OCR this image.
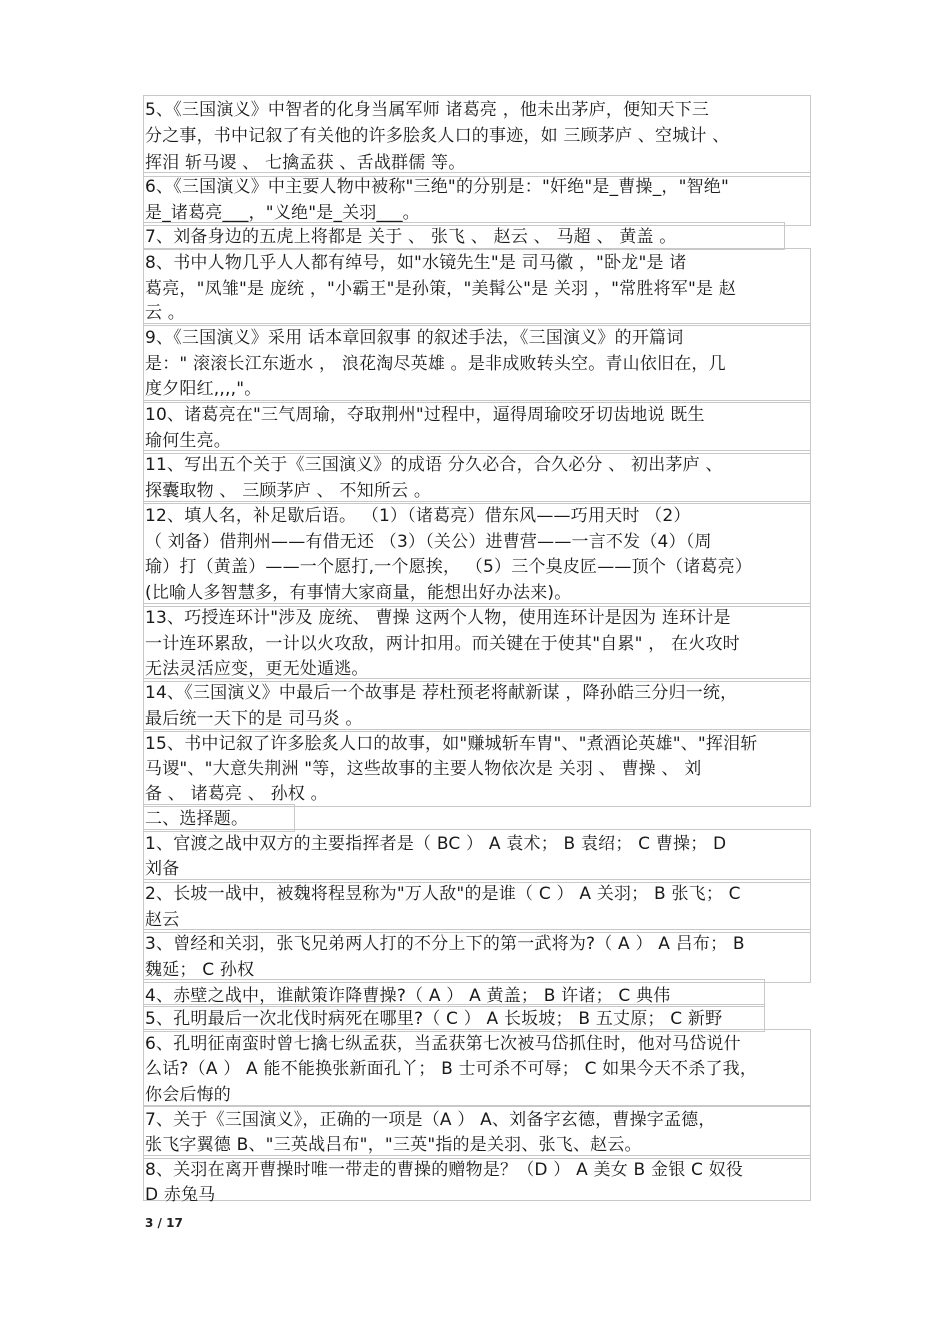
5、《三国演义》中智者的化身当属军师 诸葛亮 ，他未出茅庐，便知天下三
分之事，书中记叙了有关他的许多脍炙人口的事迹，如 三顾茅庐 、空城计 、
挥泪 斩马谡 、 七擒孟获 、舌战群儒 等。
6、《三国演义》中主要人物中被称"三绝"的分别是："奸绝"是_曹操_，"智绝"
是_诸葛亮___，"义绝"是_关羽___。
7、刘备身边的五虎上将都是 关于 、 张飞 、 赵云 、 马超 、 黄盖 。
8、书中人物几乎人人都有绰号，如"水镜先生"是 司马徽 ，"卧龙"是 诸
葛亮，"凤雏"是 庞统 ，"小霸王"是孙策，"美髯公"是 关羽 ，"常胜将军"是 赵
云 。
9、《三国演义》采用 话本章回叙事 的叙述手法，《三国演义》的开篇词
是：" 滚滚长江东逝水 ， 浪花淘尽英雄 。是非成败转头空。青山依旧在，几
度夕阳红,,,,"。
10、诸葛亮在"三气周瑜，夺取荆州"过程中，逼得周瑜咬牙切齿地说 既生
瑜何生亮。
11、写出五个关于《三国演义》的成语 分久必合，合久必分 、 初出茅庐 、
探囊取物 、 三顾茅庐 、 不知所云 。
12、填人名，补足歇后语。 （1）（诸葛亮）借东风——巧用天时 （2）
（ 刘备）借荆州——有借无还 （3）（关公）进曹营——一言不发（4）（周
瑜）打（黄盖）——一个愿打,一个愿挨， （5）三个臭皮匠——顶个（诸葛亮）
(比喻人多智慧多，有事情大家商量，能想出好办法来)。
13、巧授连环计"涉及 庞统、 曹操 这两个人物，使用连环计是因为 连环计是
一计连环累敌，一计以火攻敌，两计扣用。而关键在于使其"自累" ， 在火攻时
无法灵活应变，更无处遁逃。
14、《三国演义》中最后一个故事是 荐杜预老将献新谋 ，降孙皓三分归一统，
最后统一天下的是 司马炎 。
15、书中记叙了许多脍炙人口的故事，如"赚城斩车胄"、"煮酒论英雄"、"挥泪斩
马谡"、"大意失荆洲 "等，这些故事的主要人物依次是 关羽 、 曹操 、 刘
备 、 诸葛亮 、 孙权 。
二、选择题。
1、官渡之战中双方的主要指挥者是（ BC ） A 袁术； B 袁绍； C 曹操； D
刘备
2、长坡一战中，被魏将程昱称为"万人敌"的是谁（ C ） A 关羽； B 张飞； C
赵云
3、曾经和关羽，张飞兄弟两人打的不分上下的第一武将为?（ A ） A 吕布； B
魏延； C 孙权
4、赤壁之战中，谁献策诈降曹操?（ A ） A 黄盖； B 许诸； C 典伟
5、孔明最后一次北伐时病死在哪里?（ C ） A 长坂坡； B 五丈原； C 新野
6、孔明征南蛮时曾七擒七纵孟获，当孟获第七次被马岱抓住时，他对马岱说什
么话?（A ） A 能不能换张新面孔丫； B 士可杀不可辱； C 如果今天不杀了我，
你会后悔的
7、关于《三国演义》，正确的一项是（A ） A、刘备字玄德，曹操字孟德，
张飞字翼德 B、"三英战吕布"，"三英"指的是关羽、张飞、赵云。
8、关羽在离开曹操时唯一带走的曹操的赠物是？（D ） A 美女 B 金银 C 奴役
D 赤兔马
3 / 17
